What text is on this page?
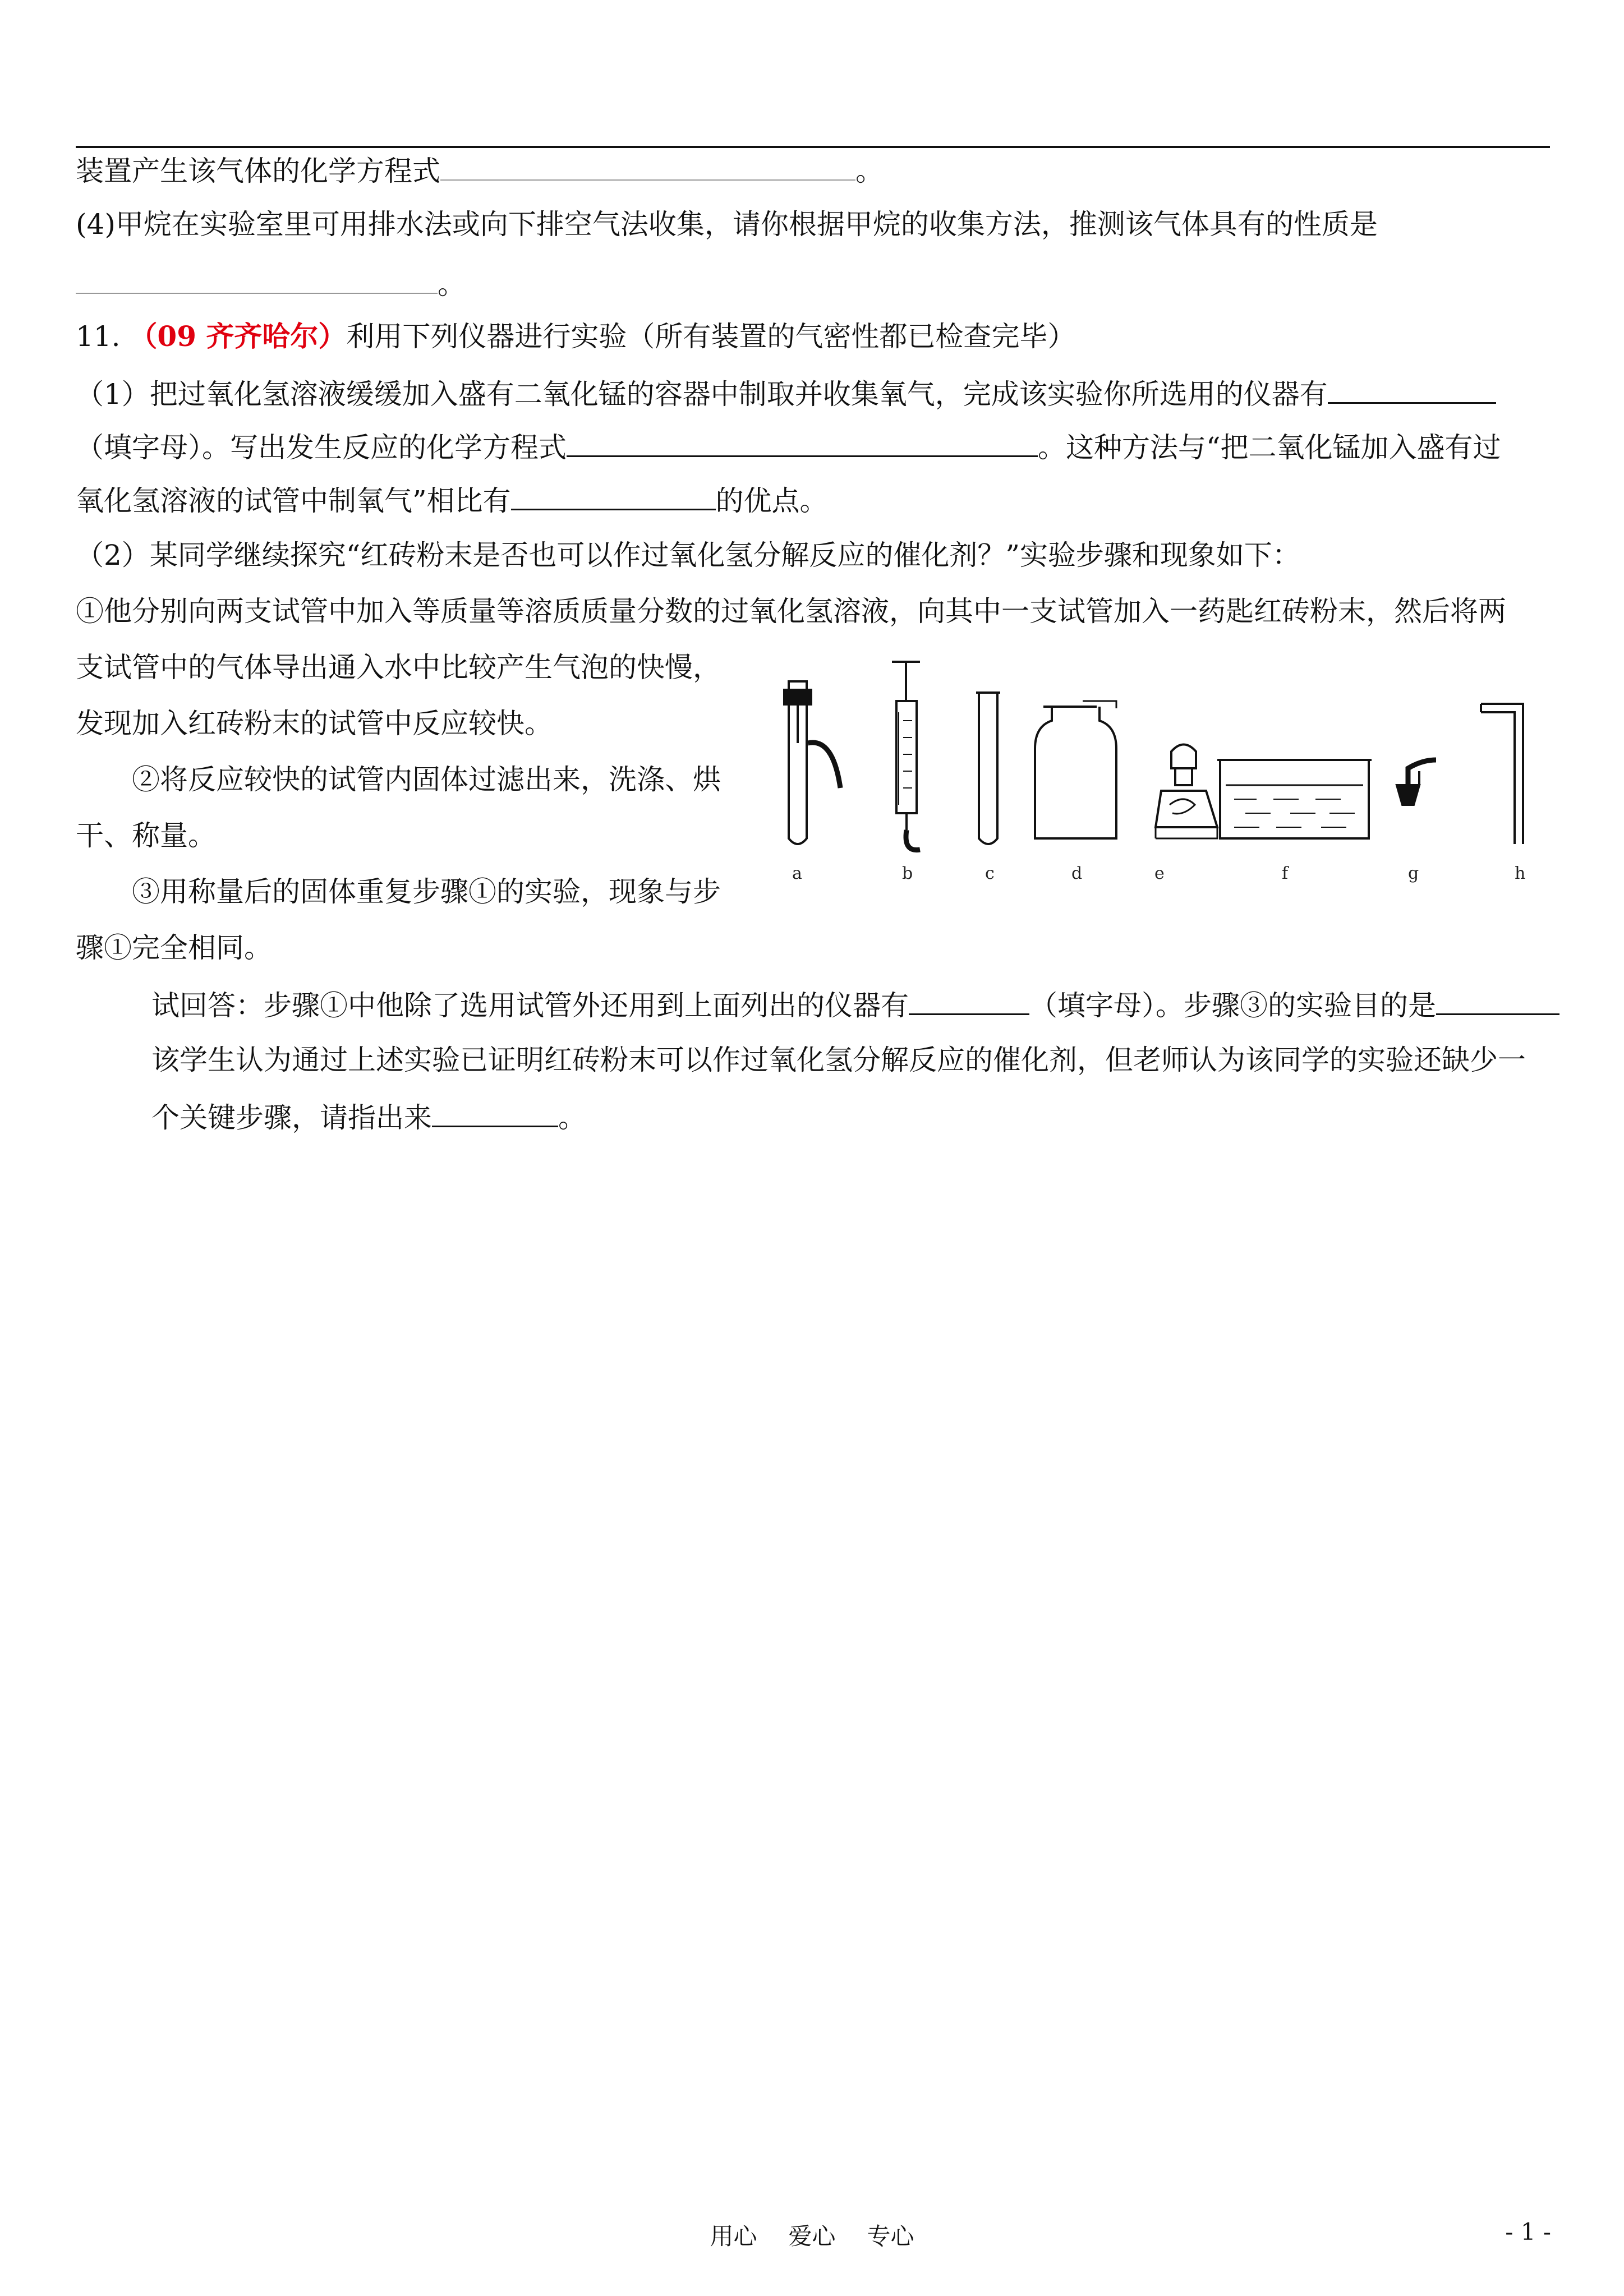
装置产生该气体的化学方程式	。
(4)甲烷在实验室里可用排水法或向下排空气法收集，请你根据甲烷的收集方法，推测该气体具有的性质是
。
11. （09 齐齐哈尔）利用下列仪器进行实验（所有装置的气密性都已检查完毕）
（1）把过氧化氢溶液缓缓加入盛有二氧化锰的容器中制取并收集氧气，完成该实验你所选用的仪器有
（填字母）。写出发生反应的化学方程式	。这种方法与“把二氧化锰加入盛有过
氧化氢溶液的试管中制氧气”相比有	的优点。
（2）某同学继续探究“红砖粉末是否也可以作过氧化氢分解反应的催化剂？”实验步骤和现象如下：
①他分别向两支试管中加入等质量等溶质质量分数的过氧化氢溶液，向其中一支试管加入一药匙红砖粉末，然后将两
支试管中的气体导出通入水中比较产生气泡的快慢，
发现加入红砖粉末的试管中反应较快。
②将反应较快的试管内固体过滤出来，洗涤、烘
干、称量。
③用称量后的固体重复步骤①的实验，现象与步
骤①完全相同。
试回答：步骤①中他除了选用试管外还用到上面列出的仪器有	（填字母）。步骤③的实验目的是
该学生认为通过上述实验已证明红砖粉末可以作过氧化氢分解反应的催化剂，但老师认为该同学的实验还缺少一
个关键步骤，请指出来	。
a	b	c	d	e	f	g	h
用心 爱心 专心	- 1 -
